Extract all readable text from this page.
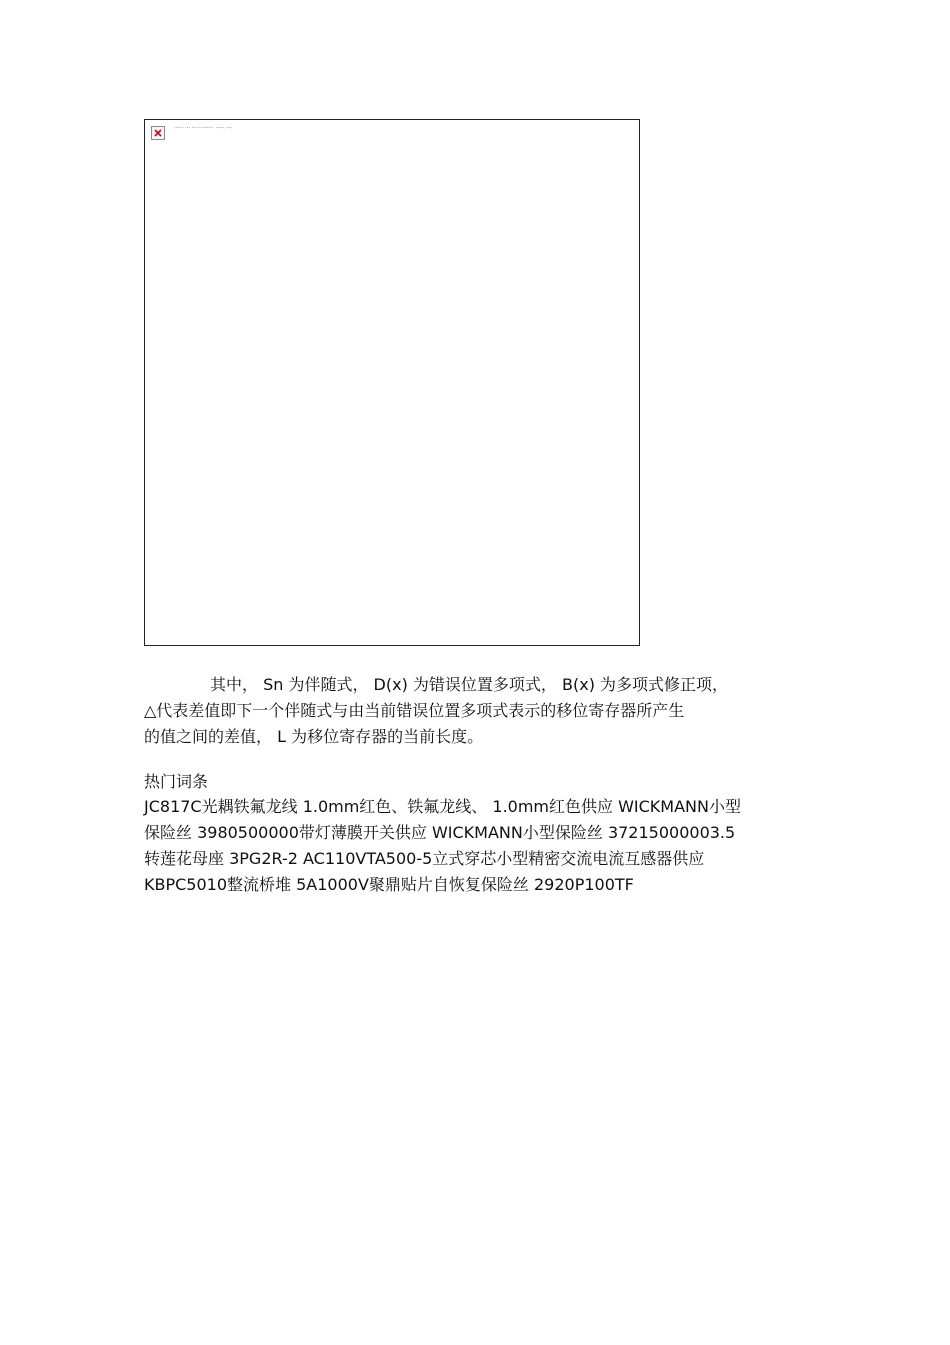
ᵛᵛʷᵛᵛᶜᵛᵘᵒ ʷᵉᶜʰᵛᵉᵇᵒᵒᵒᵏˢ ⁱᵐᵃᵍᵉ ᵖⁿᵍ
其中， Sn 为伴随式， D(x) 为错误位置多项式， B(x) 为多项式修正项，
△代表差值即下一个伴随式与由当前错误位置多项式表示的移位寄存器所产生
的值之间的差值， L 为移位寄存器的当前长度。
热门词条
JC817C光耦铁氟龙线 1.0mm红色、铁氟龙线、 1.0mm红色供应 WICKMANN小型
保险丝 3980500000带灯薄膜开关供应 WICKMANN小型保险丝 37215000003.5
转莲花母座 3PG2R-2 AC110VTA500-5立式穿芯小型精密交流电流互感器供应
KBPC5010整流桥堆 5A1000V聚鼎贴片自恢复保险丝 2920P100TF
